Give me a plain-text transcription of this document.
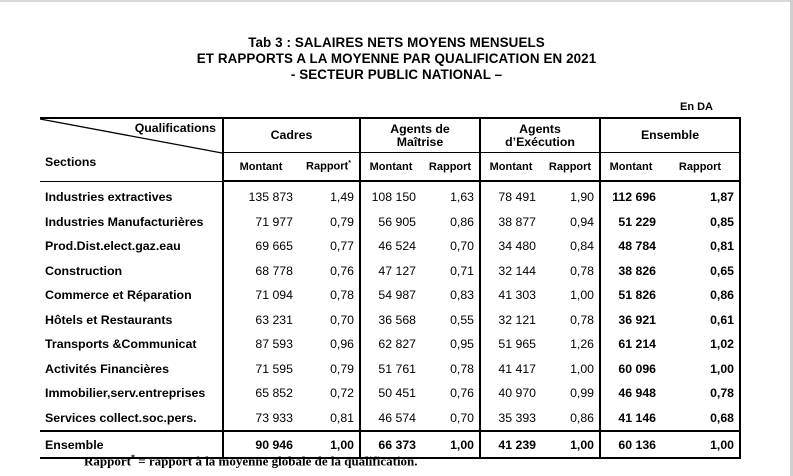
Tab 3 : SALAIRES NETS MOYENS MENSUELS
ET RAPPORTS A LA MOYENNE PAR QUALIFICATION EN 2021
- SECTEUR PUBLIC NATIONAL –
En DA
Qualifications
Sections	Cadres		Agents de Maîtrise		Agents d’Exécution		Ensemble	
	Montant	Rapport*	Montant	Rapport	Montant	Rapport	Montant	Rapport
Industries extractives	135 873	1,49	108 150	1,63	78 491	1,90	112 696	1,87
Industries Manufacturières	71 977	0,79	56 905	0,86	38 877	0,94	51 229	0,85
Prod.Dist.elect.gaz.eau	69 665	0,77	46 524	0,70	34 480	0,84	48 784	0,81
Construction	68 778	0,76	47 127	0,71	32 144	0,78	38 826	0,65
Commerce et Réparation	71 094	0,78	54 987	0,83	41 303	1,00	51 826	0,86
Hôtels et Restaurants	63 231	0,70	36 568	0,55	32 121	0,78	36 921	0,61
Transports &Communicat	87 593	0,96	62 827	0,95	51 965	1,26	61 214	1,02
Activités Financières	71 595	0,79	51 761	0,78	41 417	1,00	60 096	1,00
Immobilier,serv.entreprises	65 852	0,72	50 451	0,76	40 970	0,99	46 948	0,78
Services collect.soc.pers.	73 933	0,81	46 574	0,70	35 393	0,86	41 146	0,68
Ensemble	90 946	1,00	66 373	1,00	41 239	1,00	60 136	1,00
Rapport* = rapport à la moyenne globale de la qualification.
